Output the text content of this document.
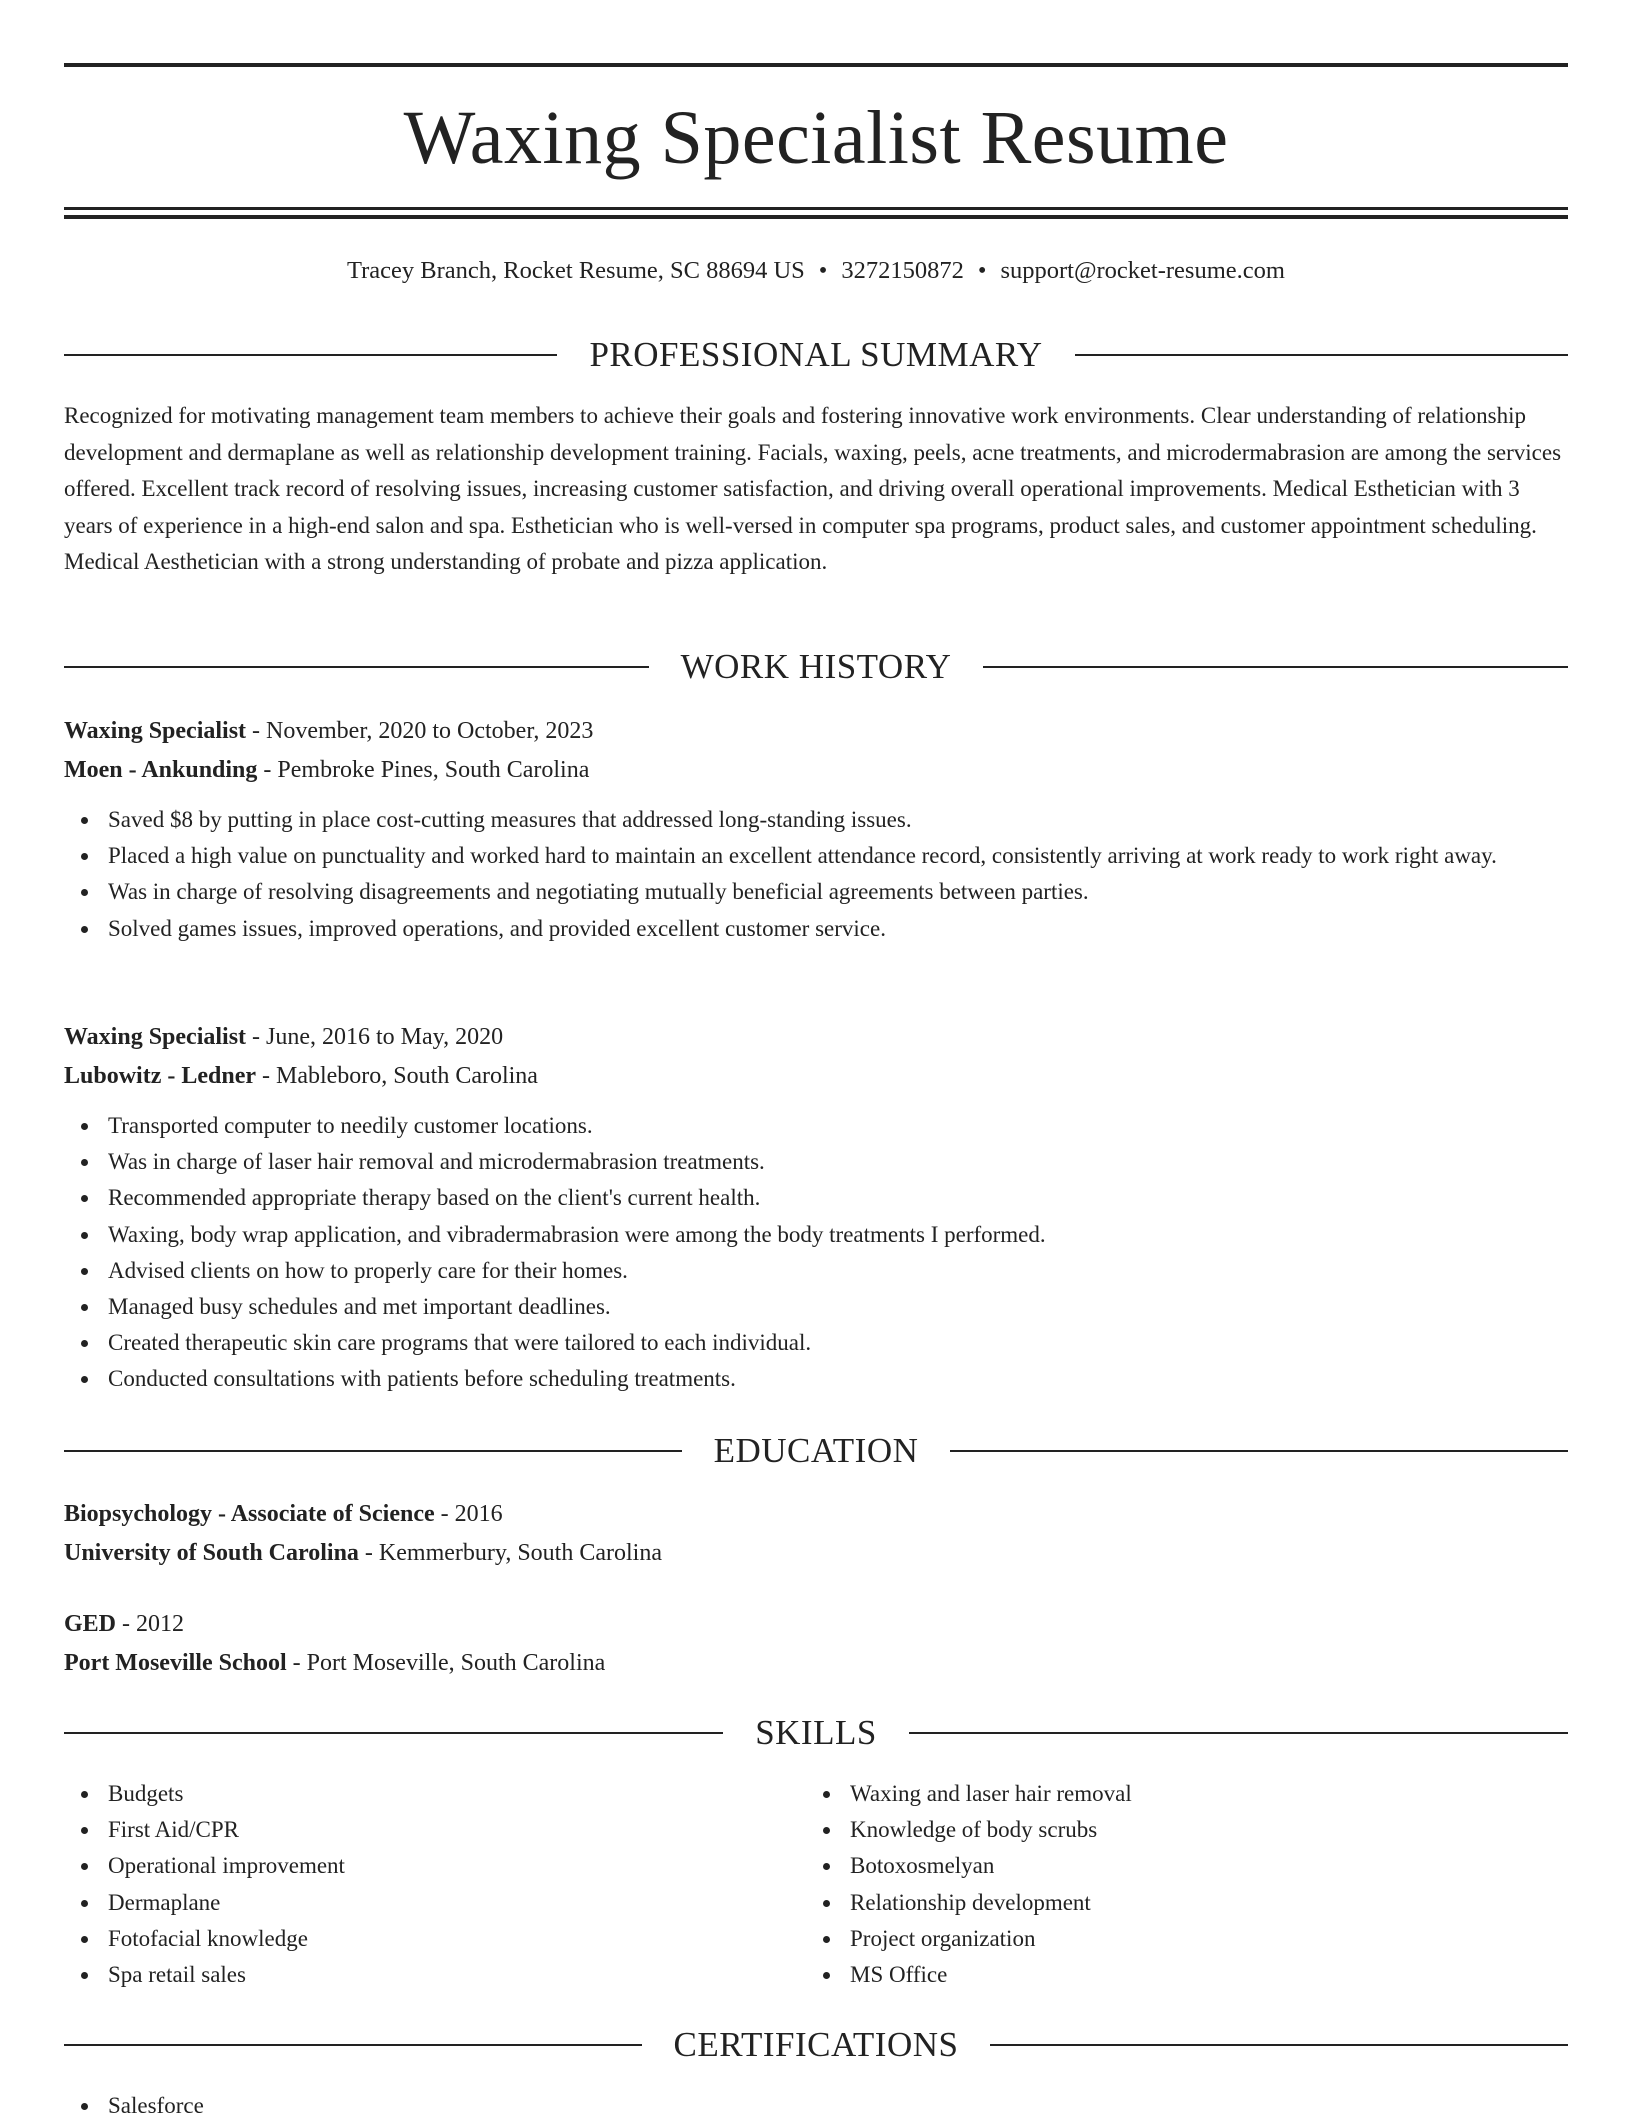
Waxing Specialist Resume
Tracey Branch, Rocket Resume, SC 88694 US • 3272150872 • support@rocket-resume.com
PROFESSIONAL SUMMARY
Recognized for motivating management team members to achieve their goals and fostering innovative work environments. Clear understanding of relationship development and dermaplane as well as relationship development training. Facials, waxing, peels, acne treatments, and microdermabrasion are among the services offered. Excellent track record of resolving issues, increasing customer satisfaction, and driving overall operational improvements. Medical Esthetician with 3 years of experience in a high-end salon and spa. Esthetician who is well-versed in computer spa programs, product sales, and customer appointment scheduling. Medical Aesthetician with a strong understanding of probate and pizza application.
WORK HISTORY
Waxing Specialist - November, 2020 to October, 2023
Moen - Ankunding - Pembroke Pines, South Carolina
Saved $8 by putting in place cost-cutting measures that addressed long-standing issues.
Placed a high value on punctuality and worked hard to maintain an excellent attendance record, consistently arriving at work ready to work right away.
Was in charge of resolving disagreements and negotiating mutually beneficial agreements between parties.
Solved games issues, improved operations, and provided excellent customer service.
Waxing Specialist - June, 2016 to May, 2020
Lubowitz - Ledner - Mableboro, South Carolina
Transported computer to needily customer locations.
Was in charge of laser hair removal and microdermabrasion treatments.
Recommended appropriate therapy based on the client's current health.
Waxing, body wrap application, and vibradermabrasion were among the body treatments I performed.
Advised clients on how to properly care for their homes.
Managed busy schedules and met important deadlines.
Created therapeutic skin care programs that were tailored to each individual.
Conducted consultations with patients before scheduling treatments.
EDUCATION
Biopsychology - Associate of Science - 2016
University of South Carolina - Kemmerbury, South Carolina
GED - 2012
Port Moseville School - Port Moseville, South Carolina
SKILLS
Budgets
First Aid/CPR
Operational improvement
Dermaplane
Fotofacial knowledge
Spa retail sales
Waxing and laser hair removal
Knowledge of body scrubs
Botoxosmelyan
Relationship development
Project organization
MS Office
CERTIFICATIONS
Salesforce
